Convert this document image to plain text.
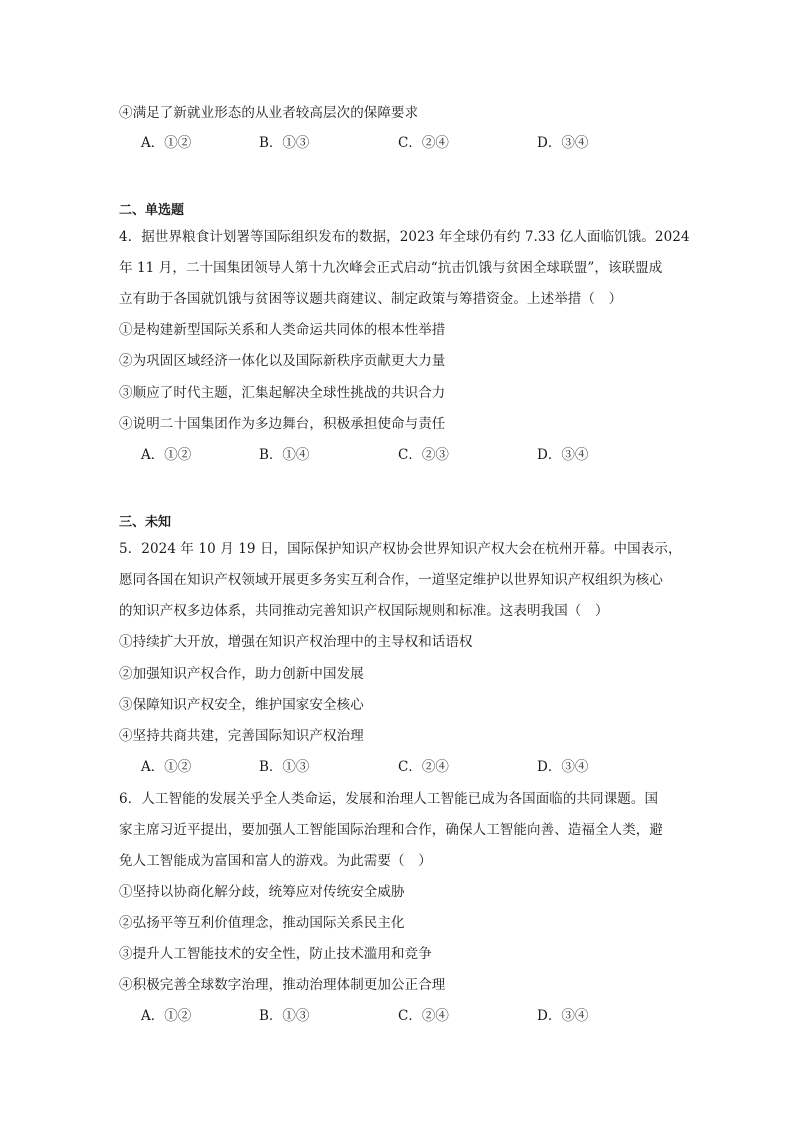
④满足了新就业形态的从业者较高层次的保障要求
A．①②	B．①③	C．②④	D．③④
二、单选题
4．据世界粮食计划署等国际组织发布的数据，2023 年全球仍有约 7.33 亿人面临饥饿。2024
年 11 月，二十国集团领导人第十九次峰会正式启动“抗击饥饿与贫困全球联盟”，该联盟成
立有助于各国就饥饿与贫困等议题共商建议、制定政策与筹措资金。上述举措（　）
①是构建新型国际关系和人类命运共同体的根本性举措
②为巩固区域经济一体化以及国际新秩序贡献更大力量
③顺应了时代主题，汇集起解决全球性挑战的共识合力
④说明二十国集团作为多边舞台，积极承担使命与责任
A．①②	B．①④	C．②③	D．③④
三、未知
5．2024 年 10 月 19 日，国际保护知识产权协会世界知识产权大会在杭州开幕。中国表示，
愿同各国在知识产权领域开展更多务实互利合作，一道坚定维护以世界知识产权组织为核心
的知识产权多边体系，共同推动完善知识产权国际规则和标准。这表明我国（　）
①持续扩大开放，增强在知识产权治理中的主导权和话语权
②加强知识产权合作，助力创新中国发展
③保障知识产权安全，维护国家安全核心
④坚持共商共建，完善国际知识产权治理
A．①②	B．①③	C．②④	D．③④
6．人工智能的发展关乎全人类命运，发展和治理人工智能已成为各国面临的共同课题。国
家主席习近平提出，要加强人工智能国际治理和合作，确保人工智能向善、造福全人类，避
免人工智能成为富国和富人的游戏。为此需要（　）
①坚持以协商化解分歧，统筹应对传统安全威胁
②弘扬平等互利价值理念，推动国际关系民主化
③提升人工智能技术的安全性，防止技术滥用和竞争
④积极完善全球数字治理，推动治理体制更加公正合理
A．①②	B．①③	C．②④	D．③④
